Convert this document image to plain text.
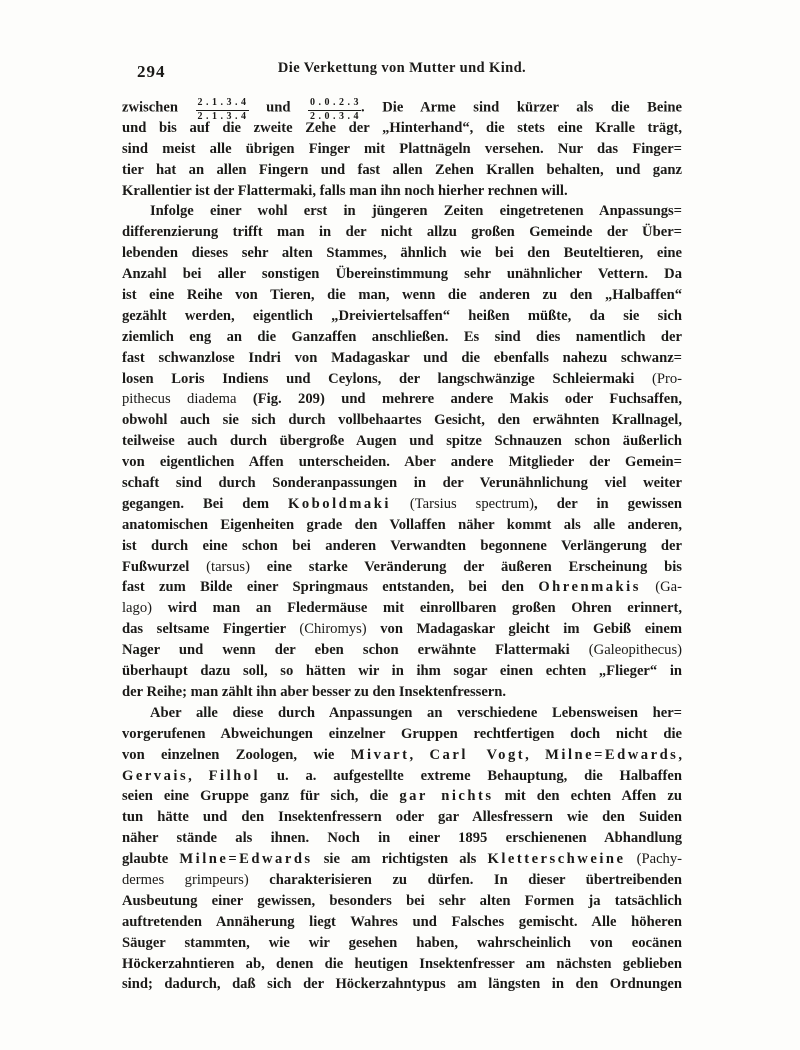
294	Die Verkettung von Mutter und Kind.
zwischen $\frac{2 . 1 . 3 . 4}{2 . 1 . 3 . 4}$ und $\frac{0 . 0 . 2 . 3}{2 . 0 . 3 . 4}$ . Die Arme sind kürzer als die Beine
und bis auf die zweite Zehe der „Hinterhand“, die stets eine Kralle trägt,
sind meist alle übrigen Finger mit Plattnägeln versehen. Nur das Finger=
tier hat an allen Fingern und fast allen Zehen Krallen behalten, und ganz
Krallentier ist der Flattermaki, falls man ihn noch hierher rechnen will.
Infolge einer wohl erst in jüngeren Zeiten eingetretenen Anpassungs=
differenzierung trifft man in der nicht allzu großen Gemeinde der Über=
lebenden dieses sehr alten Stammes, ähnlich wie bei den Beuteltieren, eine
Anzahl bei aller sonstigen Übereinstimmung sehr unähnlicher Vettern. Da
ist eine Reihe von Tieren, die man, wenn die anderen zu den „Halbaffen“
gezählt werden, eigentlich „Dreiviertelsaffen“ heißen müßte, da sie sich
ziemlich eng an die Ganzaffen anschließen. Es sind dies namentlich der
fast schwanzlose Indri von Madagaskar und die ebenfalls nahezu schwanz=
losen Loris Indiens und Ceylons, der langschwänzige Schleiermaki (Pro-
pithecus diadema (Fig. 209) und mehrere andere Makis oder Fuchsaffen,
obwohl auch sie sich durch vollbehaartes Gesicht, den erwähnten Krallnagel,
teilweise auch durch übergroße Augen und spitze Schnauzen schon äußerlich
von eigentlichen Affen unterscheiden. Aber andere Mitglieder der Gemein=
schaft sind durch Sonderanpassungen in der Verunähnlichung viel weiter
gegangen. Bei dem Koboldmaki (Tarsius spectrum), der in gewissen
anatomischen Eigenheiten grade den Vollaffen näher kommt als alle anderen,
ist durch eine schon bei anderen Verwandten begonnene Verlängerung der
Fußwurzel (tarsus) eine starke Veränderung der äußeren Erscheinung bis
fast zum Bilde einer Springmaus entstanden, bei den Ohrenmakis (Ga-
lago) wird man an Fledermäuse mit einrollbaren großen Ohren erinnert,
das seltsame Fingertier (Chiromys) von Madagaskar gleicht im Gebiß einem
Nager und wenn der eben schon erwähnte Flattermaki (Galeopithecus)
überhaupt dazu soll, so hätten wir in ihm sogar einen echten „Flieger“ in
der Reihe; man zählt ihn aber besser zu den Insektenfressern.
Aber alle diese durch Anpassungen an verschiedene Lebensweisen her=
vorgerufenen Abweichungen einzelner Gruppen rechtfertigen doch nicht die
von einzelnen Zoologen, wie Mivart, Carl Vogt, Milne=Edwards,
Gervais, Filhol u. a. aufgestellte extreme Behauptung, die Halbaffen
seien eine Gruppe ganz für sich, die gar nichts mit den echten Affen zu
tun hätte und den Insektenfressern oder gar Allesfressern wie den Suiden
näher stände als ihnen. Noch in einer 1895 erschienenen Abhandlung
glaubte Milne=Edwards sie am richtigsten als Kletterschweine (Pachy-
dermes grimpeurs) charakterisieren zu dürfen. In dieser übertreibenden
Ausbeutung einer gewissen, besonders bei sehr alten Formen ja tatsächlich
auftretenden Annäherung liegt Wahres und Falsches gemischt. Alle höheren
Säuger stammten, wie wir gesehen haben, wahrscheinlich von eocänen
Höckerzahntieren ab, denen die heutigen Insektenfresser am nächsten geblieben
sind; dadurch, daß sich der Höckerzahntypus am längsten in den Ordnungen
